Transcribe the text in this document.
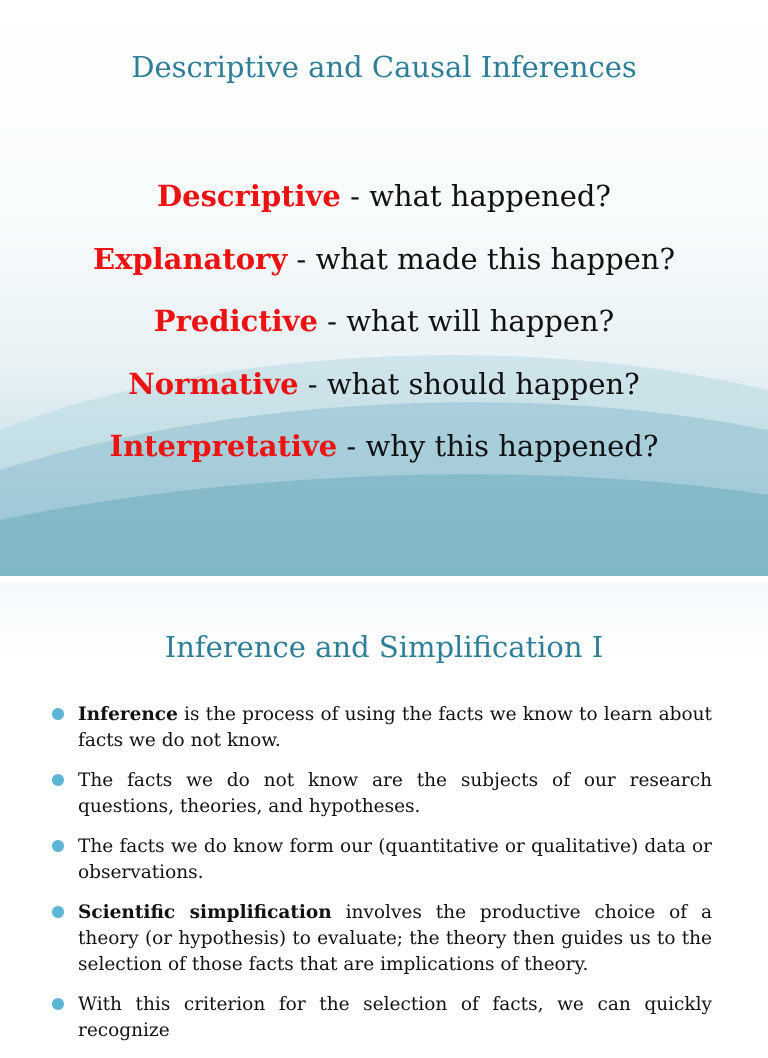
Descriptive and Causal Inferences
Descriptive - what happened?
Explanatory - what made this happen?
Predictive - what will happen?
Normative - what should happen?
Interpretative - why this happened?
Inference and Simplification I
Inference is the process of using the facts we know to learn about facts we do not know.
The facts we do not know are the subjects of our research questions, theories, and hypotheses.
The facts we do know form our (quantitative or qualitative) data or observations.
Scientific simplification involves the productive choice of a theory (or hypothesis) to evaluate; the theory then guides us to the selection of those facts that are implications of theory.
With this criterion for the selection of facts, we can quickly recognize
